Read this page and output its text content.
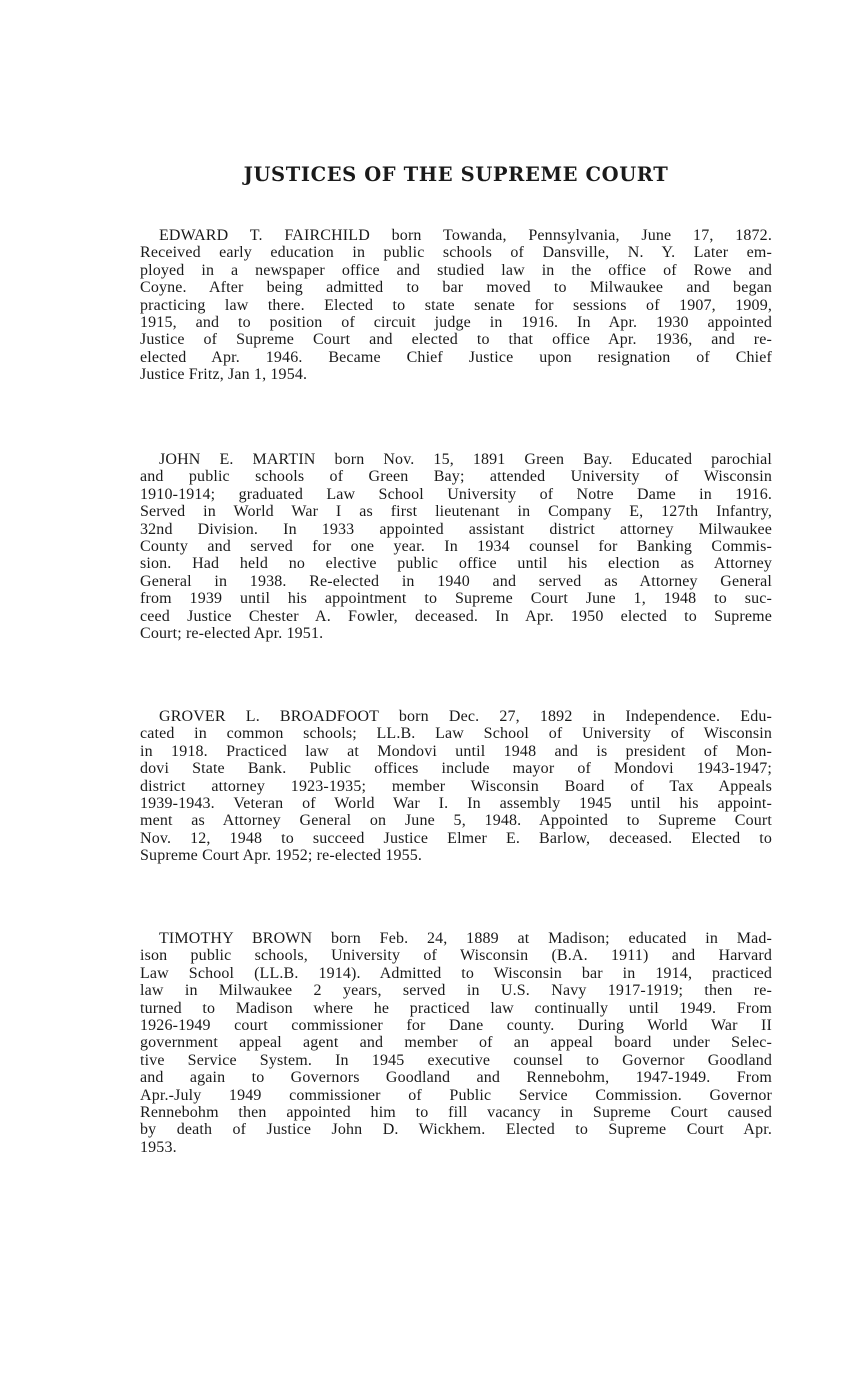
JUSTICES OF THE SUPREME COURT
EDWARD T. FAIRCHILD born Towanda, Pennsylvania, June 17, 1872.
Received early education in public schools of Dansville, N. Y. Later em-
ployed in a newspaper office and studied law in the office of Rowe and
Coyne. After being admitted to bar moved to Milwaukee and began
practicing law there. Elected to state senate for sessions of 1907, 1909,
1915, and to position of circuit judge in 1916. In Apr. 1930 appointed
Justice of Supreme Court and elected to that office Apr. 1936, and re-
elected Apr. 1946. Became Chief Justice upon resignation of Chief
Justice Fritz, Jan 1, 1954.
JOHN E. MARTIN born Nov. 15, 1891 Green Bay. Educated parochial
and public schools of Green Bay; attended University of Wisconsin
1910-1914; graduated Law School University of Notre Dame in 1916.
Served in World War I as first lieutenant in Company E, 127th Infantry,
32nd Division. In 1933 appointed assistant district attorney Milwaukee
County and served for one year. In 1934 counsel for Banking Commis-
sion. Had held no elective public office until his election as Attorney
General in 1938. Re-elected in 1940 and served as Attorney General
from 1939 until his appointment to Supreme Court June 1, 1948 to suc-
ceed Justice Chester A. Fowler, deceased. In Apr. 1950 elected to Supreme
Court; re-elected Apr. 1951.
GROVER L. BROADFOOT born Dec. 27, 1892 in Independence. Edu-
cated in common schools; LL.B. Law School of University of Wisconsin
in 1918. Practiced law at Mondovi until 1948 and is president of Mon-
dovi State Bank. Public offices include mayor of Mondovi 1943-1947;
district attorney 1923-1935; member Wisconsin Board of Tax Appeals
1939-1943. Veteran of World War I. In assembly 1945 until his appoint-
ment as Attorney General on June 5, 1948. Appointed to Supreme Court
Nov. 12, 1948 to succeed Justice Elmer E. Barlow, deceased. Elected to
Supreme Court Apr. 1952; re-elected 1955.
TIMOTHY BROWN born Feb. 24, 1889 at Madison; educated in Mad-
ison public schools, University of Wisconsin (B.A. 1911) and Harvard
Law School (LL.B. 1914). Admitted to Wisconsin bar in 1914, practiced
law in Milwaukee 2 years, served in U.S. Navy 1917-1919; then re-
turned to Madison where he practiced law continually until 1949. From
1926-1949 court commissioner for Dane county. During World War II
government appeal agent and member of an appeal board under Selec-
tive Service System. In 1945 executive counsel to Governor Goodland
and again to Governors Goodland and Rennebohm, 1947-1949. From
Apr.-July 1949 commissioner of Public Service Commission. Governor
Rennebohm then appointed him to fill vacancy in Supreme Court caused
by death of Justice John D. Wickhem. Elected to Supreme Court Apr.
1953.
